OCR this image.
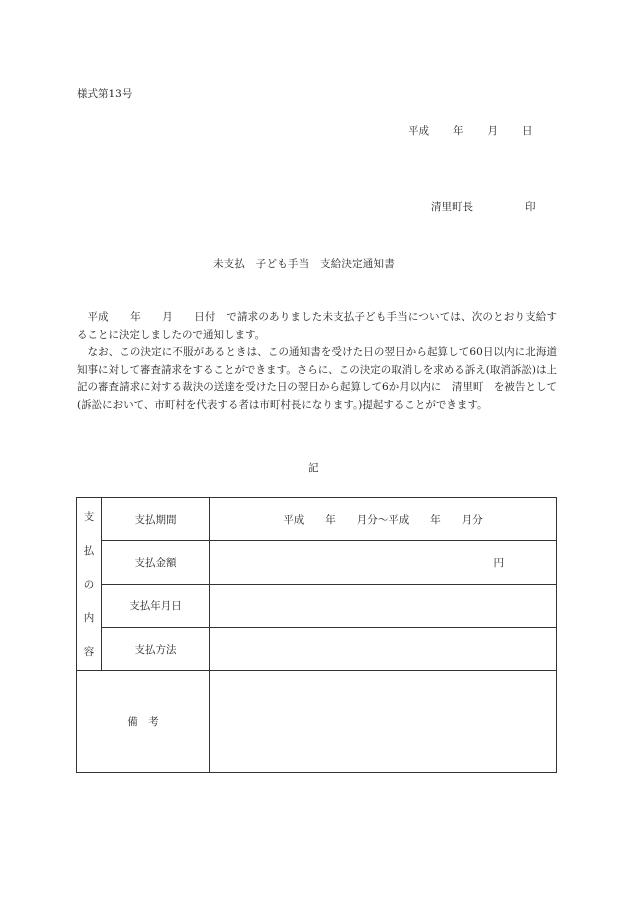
様式第13号
平成 年 月 日
清里町長	印
未支払　子ども手当　支給決定通知書

平成　　年　　月　　日付　で請求のありました未支払子ども手当については、次のとおり支給することに決定しましたので通知します。

なお、この決定に不服があるときは、この通知書を受けた日の翌日から起算して60日以内に北海道知事に対して審査請求をすることができます。さらに、この決定の取消しを求める訴え(取消訴訟)は上記の審査請求に対する裁決の送達を受けた日の翌日から起算して6か月以内に　清里町　を被告として(訴訟において、市町村を代表する者は市町村長になります。)提起することができます。

記
支
払
の
内
容	支払期間	平成　　年　　月分～平成　　年　　月分
	支払金額	円
	支払年月日	
	支払方法	
備　考		
